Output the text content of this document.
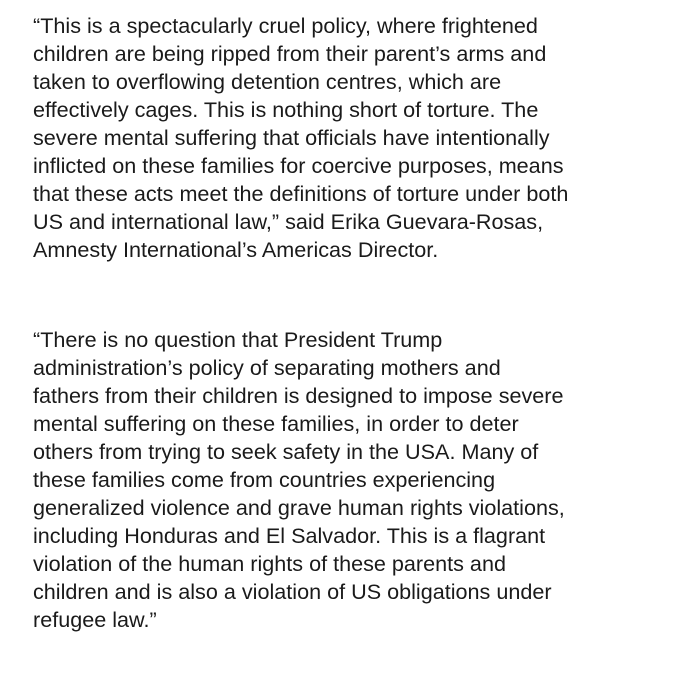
“This is a spectacularly cruel policy, where frightened
children are being ripped from their parent’s arms and
taken to overflowing detention centres, which are
effectively cages. This is nothing short of torture. The
severe mental suffering that officials have intentionally
inflicted on these families for coercive purposes, means
that these acts meet the definitions of torture under both
US and international law,” said Erika Guevara-Rosas,
Amnesty International’s Americas Director.

“There is no question that President Trump
administration’s policy of separating mothers and
fathers from their children is designed to impose severe
mental suffering on these families, in order to deter
others from trying to seek safety in the USA. Many of
these families come from countries experiencing
generalized violence and grave human rights violations,
including Honduras and El Salvador. This is a flagrant
violation of the human rights of these parents and
children and is also a violation of US obligations under
refugee law.”
